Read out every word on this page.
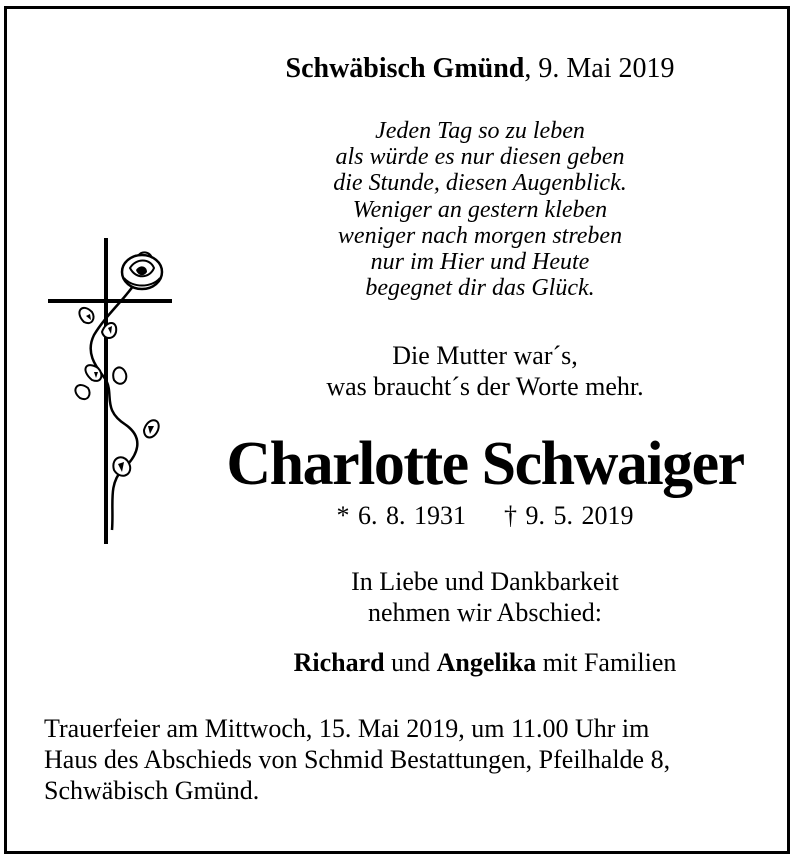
Schwäbisch Gmünd, 9. Mai 2019
Jeden Tag so zu leben
als würde es nur diesen geben
die Stunde, diesen Augenblick.
Weniger an gestern kleben
weniger nach morgen streben
nur im Hier und Heute
begegnet dir das Glück.
Die Mutter war´s,
was braucht´s der Worte mehr.
Charlotte Schwaiger
* 6. 8. 1931 † 9. 5. 2019
In Liebe und Dankbarkeit
nehmen wir Abschied:
Richard und Angelika mit Familien
Trauerfeier am Mittwoch, 15. Mai 2019, um 11.00 Uhr im
Haus des Abschieds von Schmid Bestattungen, Pfeilhalde 8,
Schwäbisch Gmünd.
